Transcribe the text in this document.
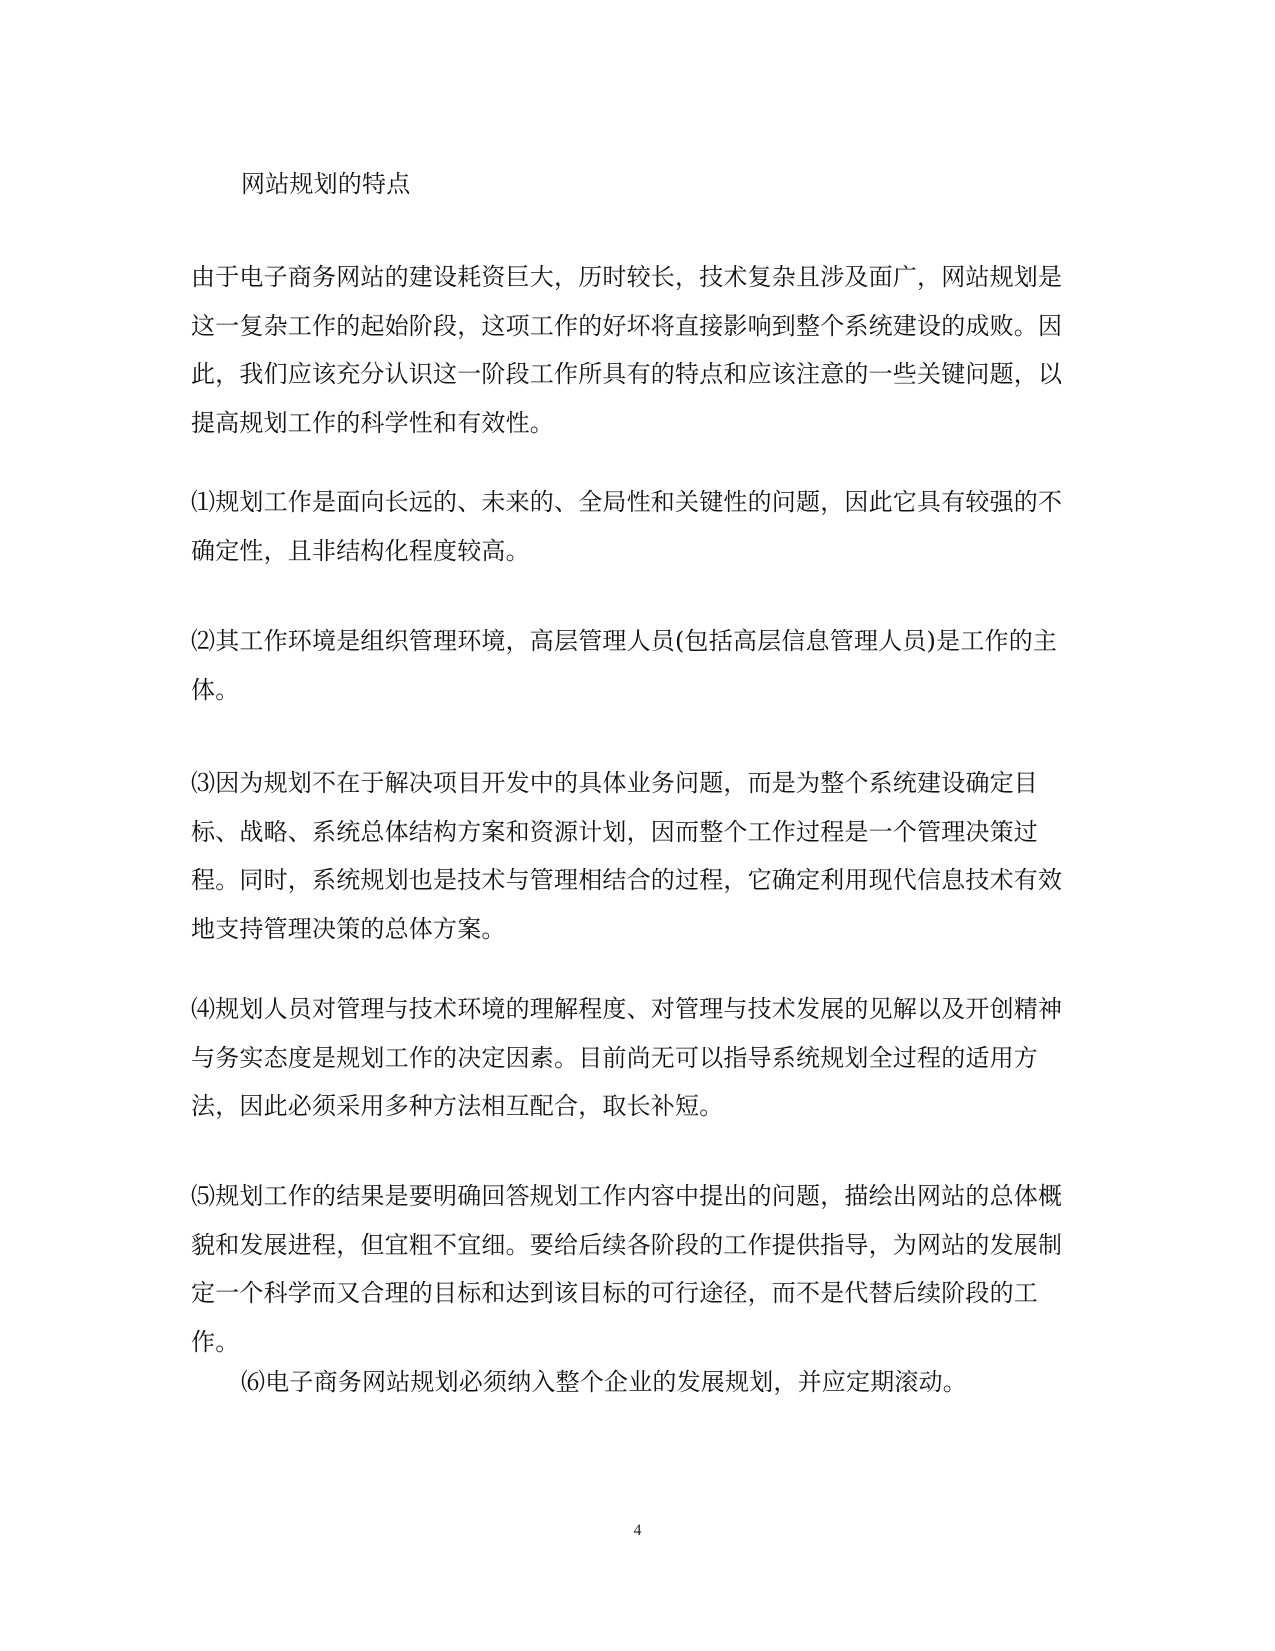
网站规划的特点
由于电子商务网站的建设耗资巨大，历时较长，技术复杂且涉及面广，网站规划是这一复杂工作的起始阶段，这项工作的好坏将直接影响到整个系统建设的成败。因此，我们应该充分认识这一阶段工作所具有的特点和应该注意的一些关键问题，以提高规划工作的科学性和有效性。
⑴规划工作是面向长远的、未来的、全局性和关键性的问题，因此它具有较强的不确定性，且非结构化程度较高。
⑵其工作环境是组织管理环境，高层管理人员(包括高层信息管理人员)是工作的主体。
⑶因为规划不在于解决项目开发中的具体业务问题，而是为整个系统建设确定目标、战略、系统总体结构方案和资源计划，因而整个工作过程是一个管理决策过程。同时，系统规划也是技术与管理相结合的过程，它确定利用现代信息技术有效地支持管理决策的总体方案。
⑷规划人员对管理与技术环境的理解程度、对管理与技术发展的见解以及开创精神与务实态度是规划工作的决定因素。目前尚无可以指导系统规划全过程的适用方法，因此必须采用多种方法相互配合，取长补短。
⑸规划工作的结果是要明确回答规划工作内容中提出的问题，描绘出网站的总体概貌和发展进程，但宜粗不宜细。要给后续各阶段的工作提供指导，为网站的发展制定一个科学而又合理的目标和达到该目标的可行途径，而不是代替后续阶段的工作。
⑹电子商务网站规划必须纳入整个企业的发展规划，并应定期滚动。
4
